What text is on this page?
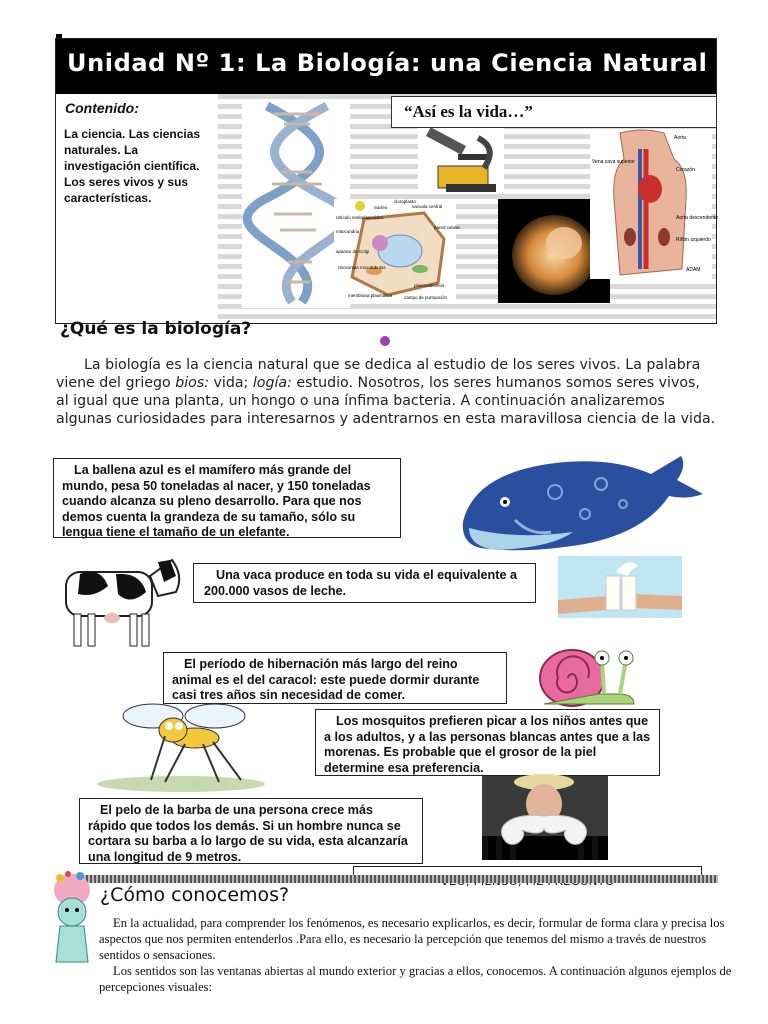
Unidad Nº 1: La Biología: una Ciencia Natural
Contenido:
La ciencia. Las ciencias naturales. La investigación científica. Los seres vivos y sus características.
núcleo	vacuola central
retículo endoplasmático
mitocondria
cloroplasto
aparato de Golgi
pared celular
ribosomas microtúbulos
plasmodesmos
membrana plasmática	campo de puntuación
Aorta
Vena cava superior
Corazón
Aorta descendente
Riñón izquierdo
ADAM
“Así es la vida…”
¿Qué es la biología?
La biología es la ciencia natural que se dedica al estudio de los seres vivos. La palabra viene del griego bios: vida; logía: estudio. Nosotros, los seres humanos somos seres vivos, al igual que una planta, un hongo o una ínfima bacteria. A continuación analizaremos algunas curiosidades para interesarnos y adentrarnos en esta maravillosa ciencia de la vida.
La ballena azul es el mamífero más grande del mundo, pesa 50 toneladas al nacer, y 150 toneladas cuando alcanza su pleno desarrollo. Para que nos demos cuenta la grandeza de su tamaño, sólo su lengua tiene el tamaño de un elefante.
Una vaca produce en toda su vida el equivalente a 200.000 vasos de leche.
El período de hibernación más largo del reino animal es el del caracol: este puede dormir durante casi tres años sin necesidad de comer.
Los mosquitos prefieren picar a los niños antes que a los adultos, y a las personas blancas antes que a las morenas. Es probable que el grosor de la piel determine esa preferencia.
El pelo de la barba de una persona crece más rápido que todos los demás. Si un hombre nunca se cortara su barba a lo largo de su vida, esta alcanzaría una longitud de 9 metros.
¿Cómo conocemos?

En la actualidad, para comprender los fenómenos, es necesario explicarlos, es decir, formular de forma clara y precisa los aspectos que nos permiten entenderlos .Para ello, es necesario la percepción que tenemos del mismo a través de nuestros sentidos o sensaciones.

Los sentidos son las ventanas abiertas al mundo exterior y gracias a ellos, conocemos. A continuación algunos ejemplos de percepciones visuales:
